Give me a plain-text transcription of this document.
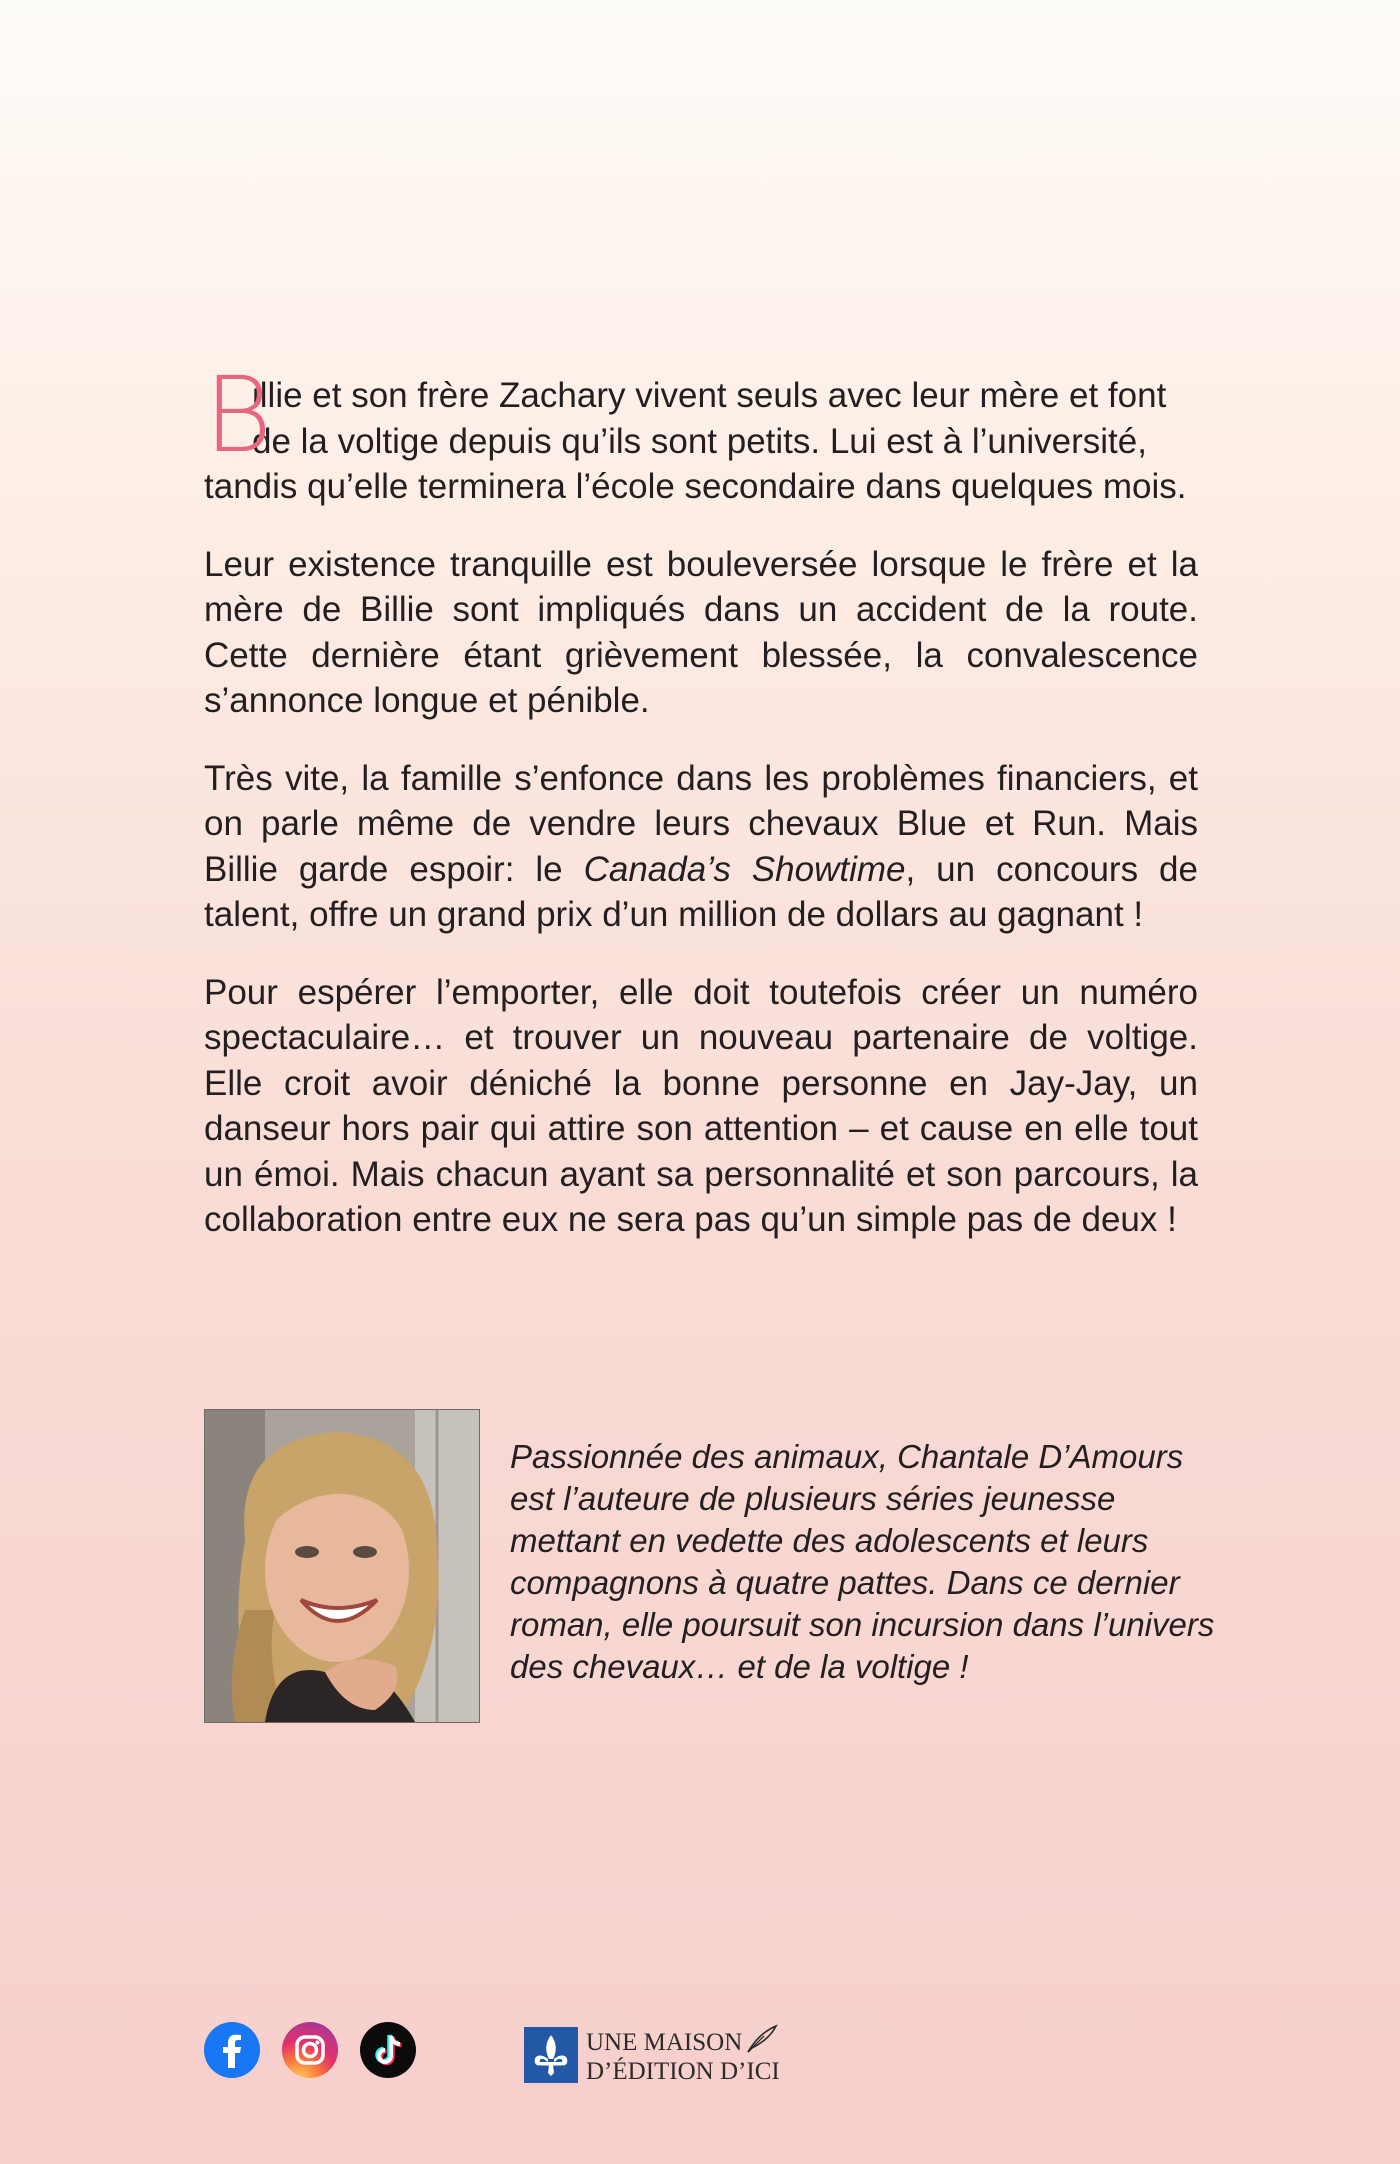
B
illie et son frère Zachary vivent seuls avec leur mère et font
de la voltige depuis qu’ils sont petits. Lui est à l’université,
tandis qu’elle terminera l’école secondaire dans quelques mois.

Leur existence tranquille est bouleversée lorsque le frère et la mère de Billie sont impliqués dans un accident de la route. Cette dernière étant grièvement blessée, la convalescence s’annonce longue et pénible.

Très vite, la famille s’enfonce dans les problèmes financiers, et on parle même de vendre leurs chevaux Blue et Run. Mais Billie garde espoir: le Canada’s Showtime, un concours de talent, offre un grand prix d’un million de dollars au gagnant !

Pour espérer l’emporter, elle doit toutefois créer un numéro spectaculaire… et trouver un nouveau partenaire de voltige. Elle croit avoir déniché la bonne personne en Jay-Jay, un danseur hors pair qui attire son attention – et cause en elle tout un émoi. Mais chacun ayant sa personnalité et son parcours, la collaboration entre eux ne sera pas qu’un simple pas de deux !

Passionnée des animaux, Chantale D’Amours
est l’auteure de plusieurs séries jeunesse
mettant en vedette des adolescents et leurs
compagnons à quatre pattes. Dans ce dernier
roman, elle poursuit son incursion dans l’univers
des chevaux… et de la voltige !
UNE MAISON
D’ÉDITION D’ICI
